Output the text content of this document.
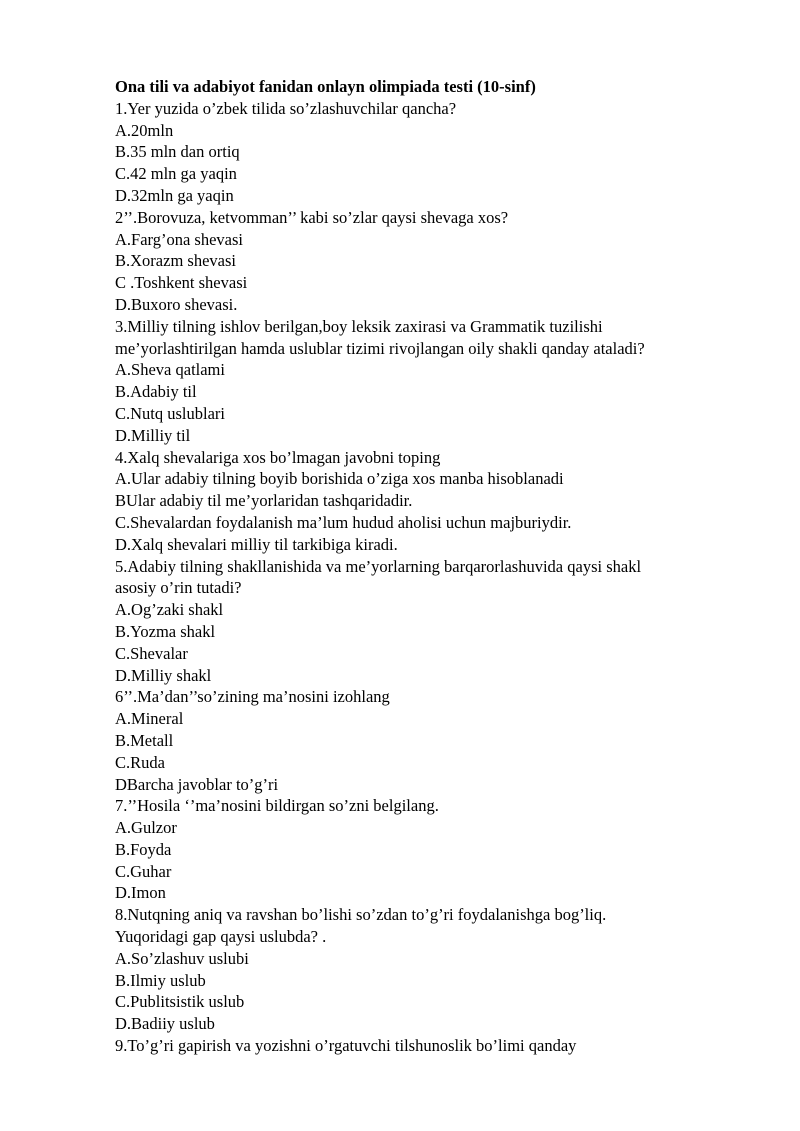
Ona tili va adabiyot fanidan onlayn olimpiada testi (10-sinf)
1.Yer yuzida o’zbek tilida so’zlashuvchilar qancha?
A.20mln
B.35 mln dan ortiq
C.42 mln ga yaqin
D.32mln ga yaqin
2’’.Borovuza, ketvomman’’ kabi so’zlar qaysi shevaga xos?
A.Farg’ona shevasi
B.Xorazm shevasi
C .Toshkent shevasi
D.Buxoro shevasi.
3.Milliy tilning ishlov berilgan,boy leksik zaxirasi va Grammatik tuzilishi
me’yorlashtirilgan hamda uslublar tizimi rivojlangan oily shakli qanday ataladi?
A.Sheva qatlami
B.Adabiy til
C.Nutq uslublari
D.Milliy til
4.Xalq shevalariga xos bo’lmagan javobni toping
A.Ular adabiy tilning boyib borishida o’ziga xos manba hisoblanadi
BUlar adabiy til me’yorlaridan tashqaridadir.
C.Shevalardan foydalanish ma’lum hudud aholisi uchun majburiydir.
D.Xalq shevalari milliy til tarkibiga kiradi.
5.Adabiy tilning shakllanishida va me’yorlarning barqarorlashuvida qaysi shakl
asosiy o’rin tutadi?
A.Og’zaki shakl
B.Yozma shakl
C.Shevalar
D.Milliy shakl
6’’.Ma’dan’’so’zining ma’nosini izohlang
A.Mineral
B.Metall
C.Ruda
DBarcha javoblar to’g’ri
7.’’Hosila ‘’ma’nosini bildirgan so’zni belgilang.
A.Gulzor
B.Foyda
C.Guhar
D.Imon
8.Nutqning aniq va ravshan bo’lishi so’zdan to’g’ri foydalanishga bog’liq.
Yuqoridagi gap qaysi uslubda? .
A.So’zlashuv uslubi
B.Ilmiy uslub
C.Publitsistik uslub
D.Badiiy uslub
9.To’g’ri gapirish va yozishni o’rgatuvchi tilshunoslik bo’limi qanday
